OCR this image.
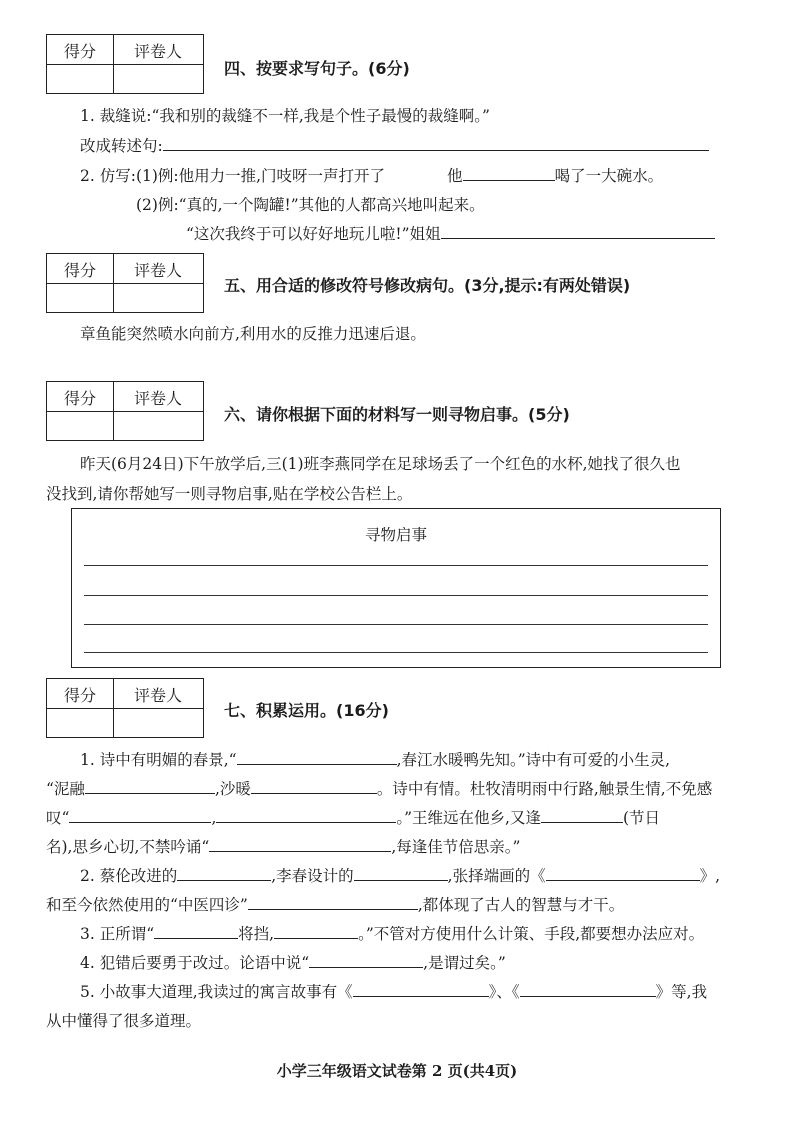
得分	评卷人
四、按要求写句子。(6分)
1. 裁缝说:“我和别的裁缝不一样,我是个性子最慢的裁缝啊。”
改成转述句:
2. 仿写:(1)例:他用力一推,门吱呀一声打开了	他	喝了一大碗水。
(2)例:“真的,一个陶罐!”其他的人都高兴地叫起来。
“这次我终于可以好好地玩儿啦!”姐姐
得分	评卷人
五、用合适的修改符号修改病句。(3分,提示:有两处错误)
章鱼能突然喷水向前方,利用水的反推力迅速后退。
得分	评卷人
六、请你根据下面的材料写一则寻物启事。(5分)
昨天(6月24日)下午放学后,三(1)班李燕同学在足球场丢了一个红色的水杯,她找了很久也
没找到,请你帮她写一则寻物启事,贴在学校公告栏上。
寻物启事
得分	评卷人
七、积累运用。(16分)
1. 诗中有明媚的春景,“	,春江水暖鸭先知。”诗中有可爱的小生灵,
“泥融	,沙暖	。诗中有情。杜牧清明雨中行路,触景生情,不免感
叹“	,	。”王维远在他乡,又逢	(节日
名),思乡心切,不禁吟诵“	,每逢佳节倍思亲。”
2. 蔡伦改进的	,李春设计的	,张择端画的《	》,
和至今依然使用的“中医四诊”	,都体现了古人的智慧与才干。
3. 正所谓“	将挡,	。”不管对方使用什么计策、手段,都要想办法应对。
4. 犯错后要勇于改过。论语中说“	,是谓过矣。”
5. 小故事大道理,我读过的寓言故事有《	》、《	》等,我
从中懂得了很多道理。
小学三年级语文试卷第 2 页(共4页)
